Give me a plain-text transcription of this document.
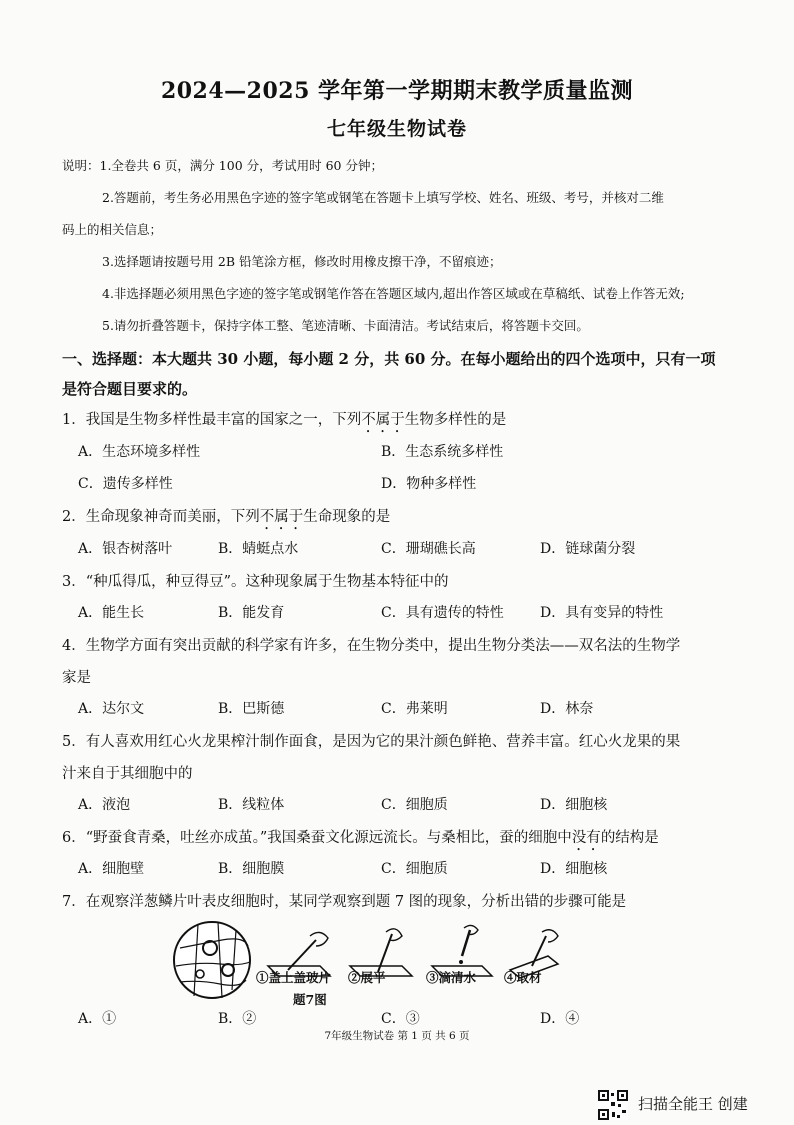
2024—2025 学年第一学期期末教学质量监测
七年级生物试卷
说明：1.全卷共 6 页，满分 100 分，考试用时 60 分钟；
2.答题前，考生务必用黑色字迹的签字笔或钢笔在答题卡上填写学校、姓名、班级、考号，并核对二维
码上的相关信息；
3.选择题请按题号用 2B 铅笔涂方框，修改时用橡皮擦干净，不留痕迹；
4.非选择题必须用黑色字迹的签字笔或钢笔作答在答题区域内,超出作答区域或在草稿纸、试卷上作答无效;
5.请勿折叠答题卡，保持字体工整、笔迹清晰、卡面清洁。考试结束后，将答题卡交回。
一、选择题：本大题共 30 小题，每小题 2 分，共 60 分。在每小题给出的四个选项中，只有一项
是符合题目要求的。
1．我国是生物多样性最丰富的国家之一，下列不属于生物多样性的是
A．生态环境多样性	B．生态系统多样性
C．遗传多样性	D．物种多样性
2．生命现象神奇而美丽，下列不属于生命现象的是
A．银杏树落叶	B．蜻蜓点水	C．珊瑚礁长高	D．链球菌分裂
3．“种瓜得瓜，种豆得豆”。这种现象属于生物基本特征中的
A．能生长	B．能发育	C．具有遗传的特性	D．具有变异的特性
4．生物学方面有突出贡献的科学家有许多，在生物分类中，提出生物分类法——双名法的生物学
家是
A．达尔文	B．巴斯德	C．弗莱明	D．林奈
5．有人喜欢用红心火龙果榨汁制作面食，是因为它的果汁颜色鲜艳、营养丰富。红心火龙果的果
汁来自于其细胞中的
A．液泡	B．线粒体	C．细胞质	D．细胞核
6．“野蚕食青桑，吐丝亦成茧。”我国桑蚕文化源远流长。与桑相比，蚕的细胞中没有的结构是
A．细胞壁	B．细胞膜	C．细胞质	D．细胞核
7．在观察洋葱鳞片叶表皮细胞时，某同学观察到题 7 图的现象，分析出错的步骤可能是
①盖上盖玻片 ②展平	③滴清水 ④取材
题7图
A．①	B．②	C．③	D．④
7年级生物试卷 第 1 页 共 6 页
扫描全能王 创建
